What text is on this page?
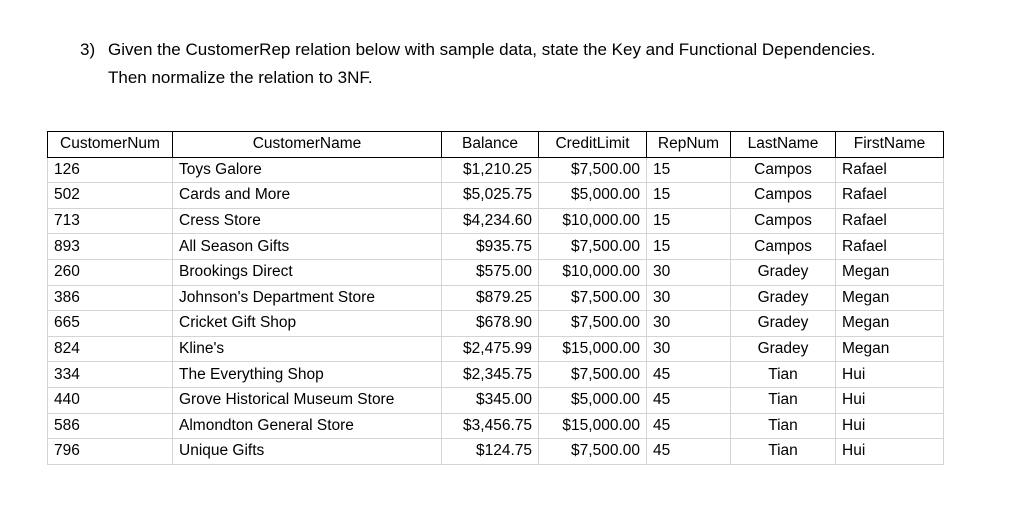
3) Given the CustomerRep relation below with sample data, state the Key and Functional Dependencies.
Then normalize the relation to 3NF.
CustomerNum	CustomerName	Balance	CreditLimit	RepNum	LastName	FirstName
126	Toys Galore	$1,210.25	$7,500.00	15	Campos	Rafael
502	Cards and More	$5,025.75	$5,000.00	15	Campos	Rafael
713	Cress Store	$4,234.60	$10,000.00	15	Campos	Rafael
893	All Season Gifts	$935.75	$7,500.00	15	Campos	Rafael
260	Brookings Direct	$575.00	$10,000.00	30	Gradey	Megan
386	Johnson's Department Store	$879.25	$7,500.00	30	Gradey	Megan
665	Cricket Gift Shop	$678.90	$7,500.00	30	Gradey	Megan
824	Kline's	$2,475.99	$15,000.00	30	Gradey	Megan
334	The Everything Shop	$2,345.75	$7,500.00	45	Tian	Hui
440	Grove Historical Museum Store	$345.00	$5,000.00	45	Tian	Hui
586	Almondton General Store	$3,456.75	$15,000.00	45	Tian	Hui
796	Unique Gifts	$124.75	$7,500.00	45	Tian	Hui
